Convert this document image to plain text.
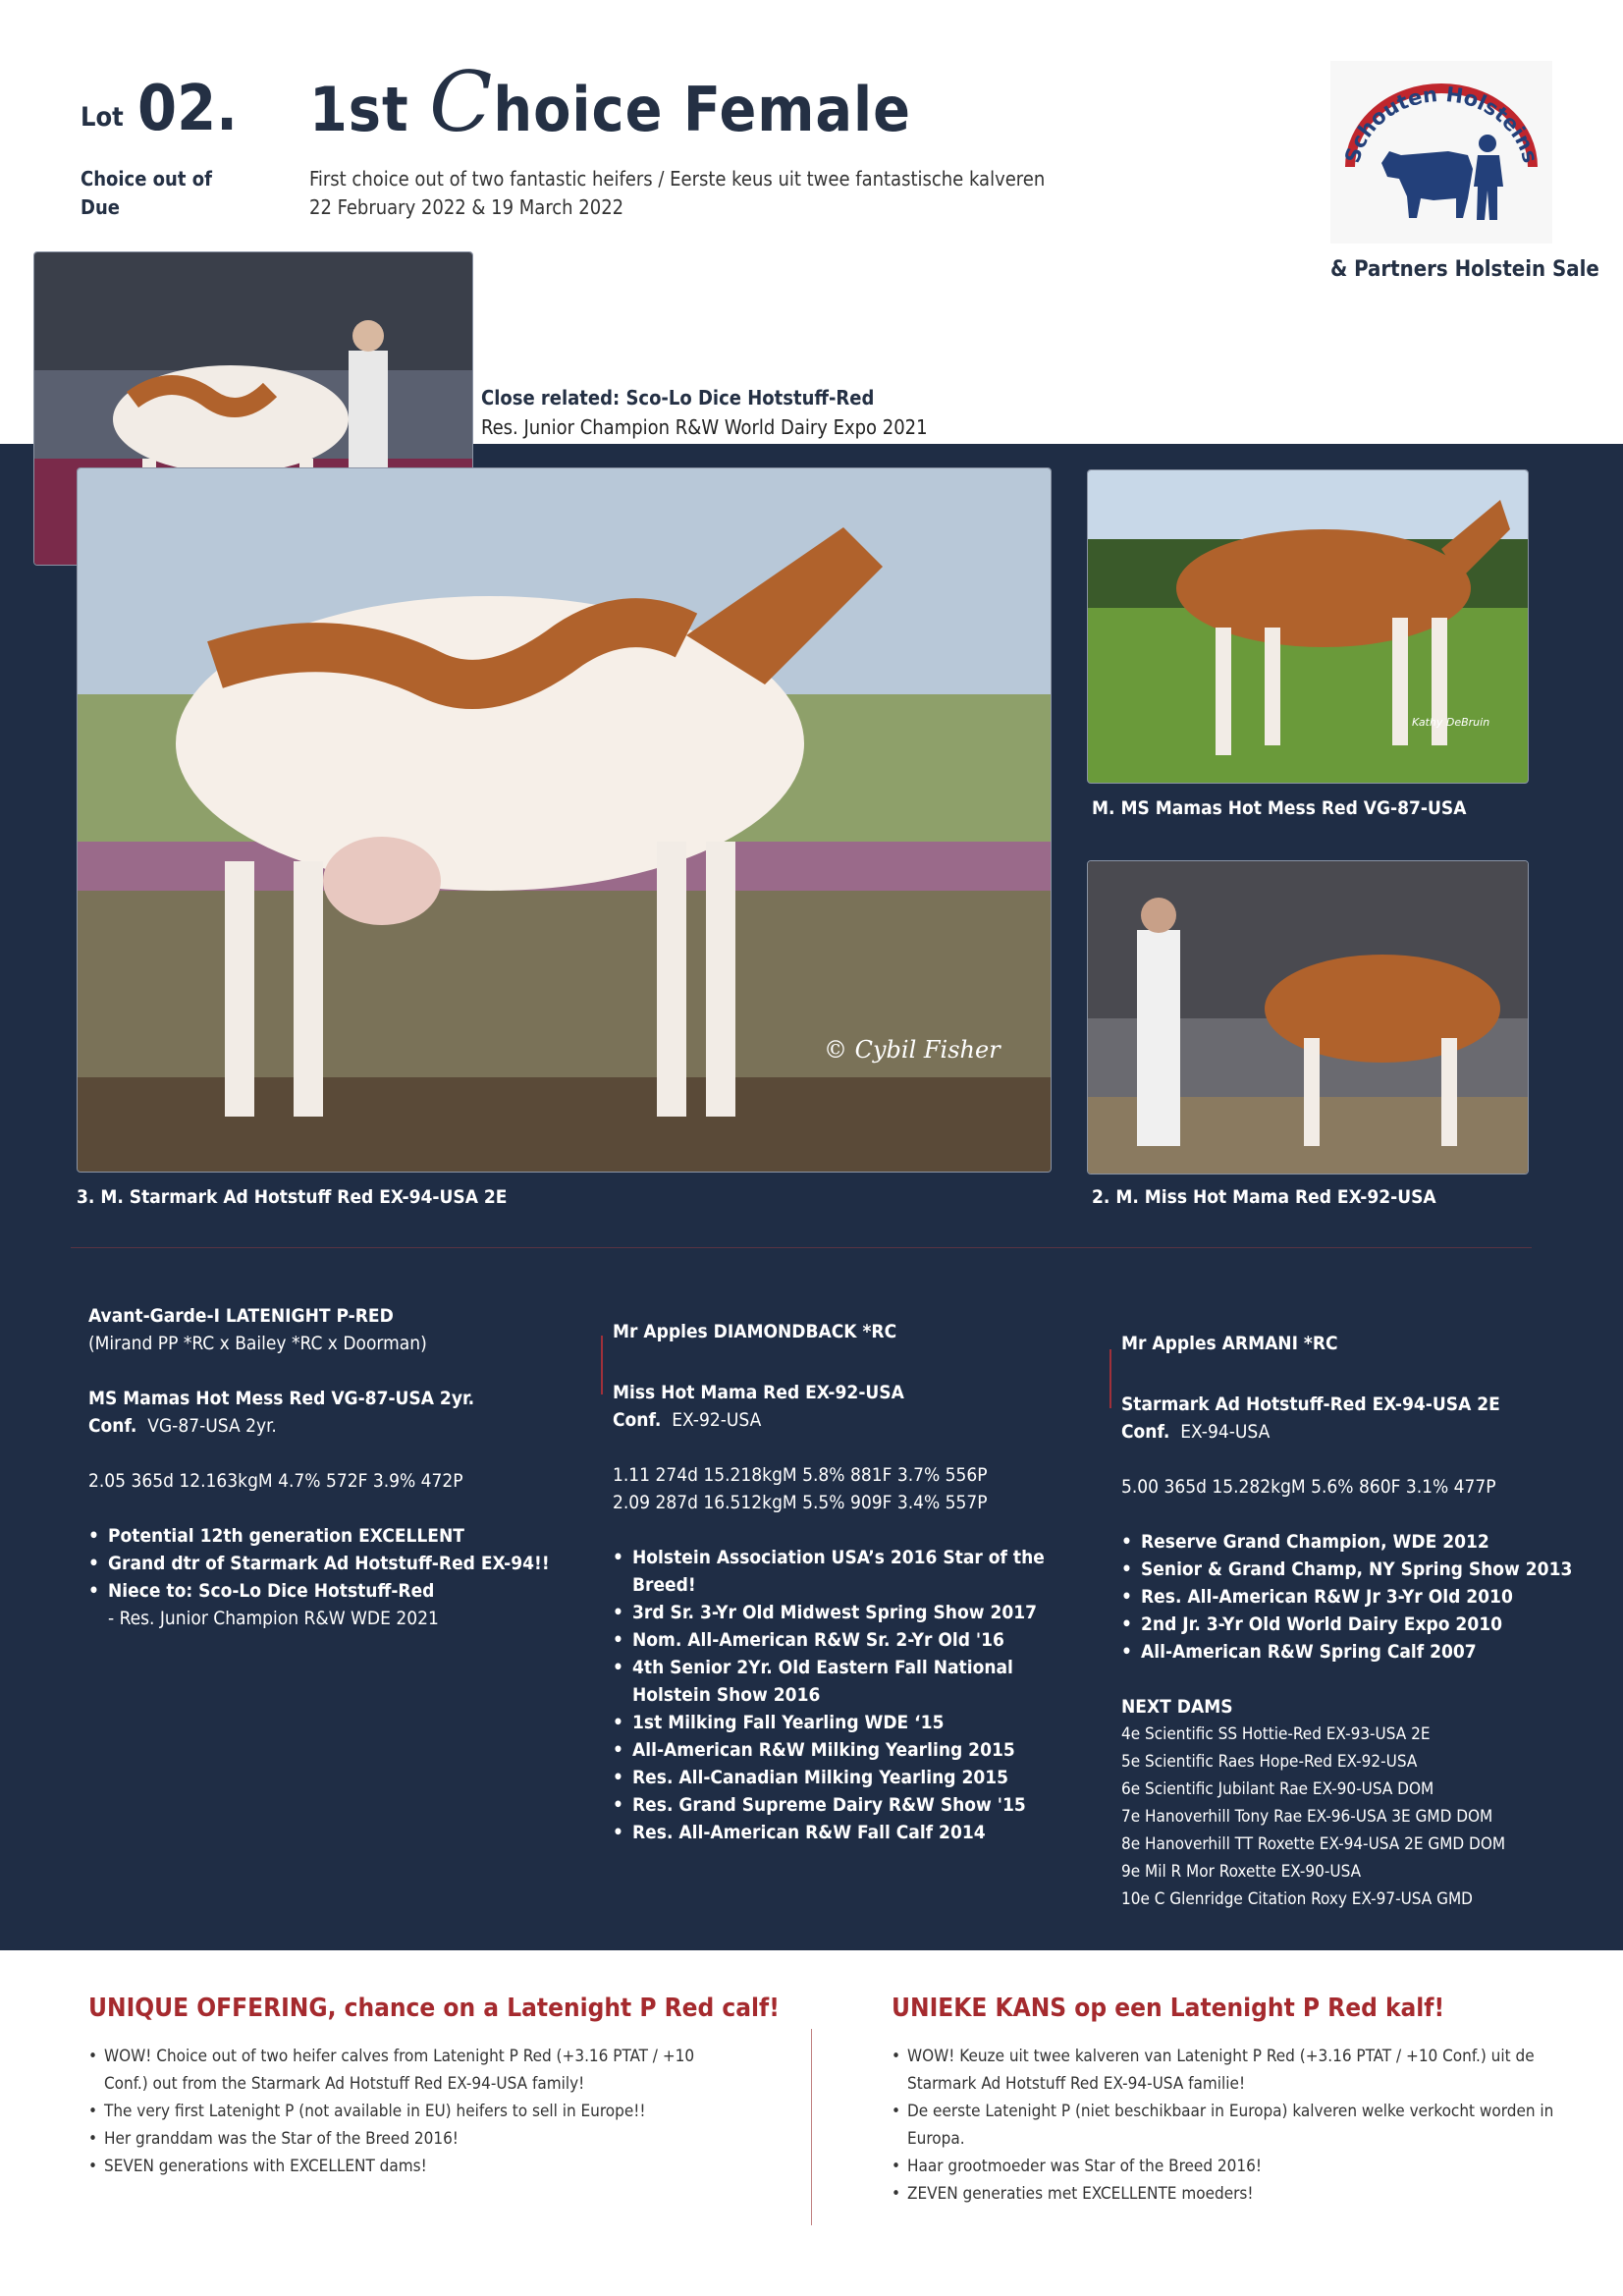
Lot 02. 1st Choice Female
Choice out of
Due
First choice out of two fantastic heifers / Eerste keus uit twee fantastische kalveren
22 February 2022 & 19 March 2022
Schouten Holsteins
& Partners Holstein Sale
Close related: Sco-Lo Dice Hotstuff-Red
Res. Junior Champion R&W World Dairy Expo 2021
© Cybil Fisher
3. M. Starmark Ad Hotstuff Red EX-94-USA 2E
Kathy DeBruin
M. MS Mamas Hot Mess Red VG-87-USA
2. M. Miss Hot Mama Red EX-92-USA
Avant-Garde-I LATENIGHT P-RED
(Mirand PP *RC x Bailey *RC x Doorman)
MS Mamas Hot Mess Red VG-87-USA 2yr.
Conf. VG-87-USA 2yr.
2.05 365d 12.163kgM 4.7% 572F 3.9% 472P
• Potential 12th generation EXCELLENT
• Grand dtr of Starmark Ad Hotstuff-Red EX-94!!
• Niece to: Sco-Lo Dice Hotstuff-Red
- Res. Junior Champion R&W WDE 2021
Mr Apples DIAMONDBACK *RC
Miss Hot Mama Red EX-92-USA
Conf. EX-92-USA
1.11 274d 15.218kgM 5.8% 881F 3.7% 556P
2.09 287d 16.512kgM 5.5% 909F 3.4% 557P
• Holstein Association USA’s 2016 Star of the Breed!
• 3rd Sr. 3-Yr Old Midwest Spring Show 2017
• Nom. All-American R&W Sr. 2-Yr Old '16
• 4th Senior 2Yr. Old Eastern Fall National Holstein Show 2016
• 1st Milking Fall Yearling WDE ‘15
• All-American R&W Milking Yearling 2015
• Res. All-Canadian Milking Yearling 2015
• Res. Grand Supreme Dairy R&W Show '15
• Res. All-American R&W Fall Calf 2014
Mr Apples ARMANI *RC
Starmark Ad Hotstuff-Red EX-94-USA 2E
Conf. EX-94-USA
5.00 365d 15.282kgM 5.6% 860F 3.1% 477P
• Reserve Grand Champion, WDE 2012
• Senior & Grand Champ, NY Spring Show 2013
• Res. All-American R&W Jr 3-Yr Old 2010
• 2nd Jr. 3-Yr Old World Dairy Expo 2010
• All-American R&W Spring Calf 2007
NEXT DAMS
4e Scientific SS Hottie-Red EX-93-USA 2E
5e Scientific Raes Hope-Red EX-92-USA
6e Scientific Jubilant Rae EX-90-USA DOM
7e Hanoverhill Tony Rae EX-96-USA 3E GMD DOM
8e Hanoverhill TT Roxette EX-94-USA 2E GMD DOM
9e Mil R Mor Roxette EX-90-USA
10e C Glenridge Citation Roxy EX-97-USA GMD
UNIQUE OFFERING, chance on a Latenight P Red calf!
• WOW! Choice out of two heifer calves from Latenight P Red (+3.16 PTAT / +10 Conf.) out from the Starmark Ad Hotstuff Red EX-94-USA family!
• The very first Latenight P (not available in EU) heifers to sell in Europe!!
• Her granddam was the Star of the Breed 2016!
• SEVEN generations with EXCELLENT dams!
UNIEKE KANS op een Latenight P Red kalf!
• WOW! Keuze uit twee kalveren van Latenight P Red (+3.16 PTAT / +10 Conf.) uit de Starmark Ad Hotstuff Red EX-94-USA familie!
• De eerste Latenight P (niet beschikbaar in Europa) kalveren welke verkocht worden in Europa.
• Haar grootmoeder was Star of the Breed 2016!
• ZEVEN generaties met EXCELLENTE moeders!
